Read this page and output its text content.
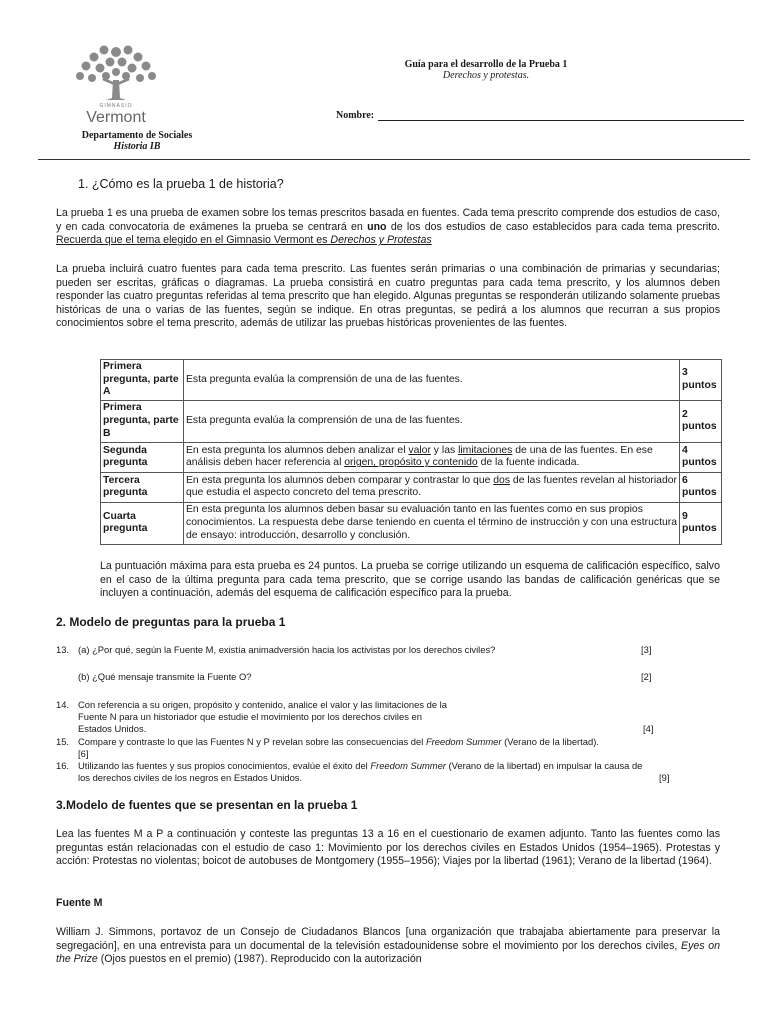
GIMNASIO
Vermont
Departamento de Sociales
Historia IB
Guía para el desarrollo de la Prueba 1
Derechos y protestas.
Nombre:
1. ¿Cómo es la prueba 1 de historia?
La prueba 1 es una prueba de examen sobre los temas prescritos basada en fuentes. Cada tema prescrito comprende dos estudios de caso, y en cada convocatoria de exámenes la prueba se centrará en uno de los dos estudios de caso establecidos para cada tema prescrito. Recuerda que el tema elegido en el Gimnasio Vermont es Derechos y Protestas
La prueba incluirá cuatro fuentes para cada tema prescrito. Las fuentes serán primarias o una combinación de primarias y secundarias; pueden ser escritas, gráficas o diagramas. La prueba consistirá en cuatro preguntas para cada tema prescrito, y los alumnos deben responder las cuatro preguntas referidas al tema prescrito que han elegido. Algunas preguntas se responderán utilizando solamente pruebas históricas de una o varias de las fuentes, según se indique. En otras preguntas, se pedirá a los alumnos que recurran a sus propios conocimientos sobre el tema prescrito, además de utilizar las pruebas históricas provenientes de las fuentes.
Primera pregunta, parte A	Esta pregunta evalúa la comprensión de una de las fuentes.	3 puntos
Primera pregunta, parte B	Esta pregunta evalúa la comprensión de una de las fuentes.	2 puntos
Segunda pregunta	En esta pregunta los alumnos deben analizar el valor y las limitaciones de una de las fuentes. En ese análisis deben hacer referencia al origen, propósito y contenido de la fuente indicada.	4 puntos
Tercera pregunta	En esta pregunta los alumnos deben comparar y contrastar lo que dos de las fuentes revelan al historiador que estudia el aspecto concreto del tema prescrito.	6 puntos
Cuarta pregunta	En esta pregunta los alumnos deben basar su evaluación tanto en las fuentes como en sus propios conocimientos. La respuesta debe darse teniendo en cuenta el término de instrucción y con una estructura de ensayo: introducción, desarrollo y conclusión.	9 puntos
La puntuación máxima para esta prueba es 24 puntos. La prueba se corrige utilizando un esquema de calificación específico, salvo en el caso de la última pregunta para cada tema prescrito, que se corrige usando las bandas de calificación genéricas que se incluyen a continuación, además del esquema de calificación específico para la prueba.
2. Modelo de preguntas para la prueba 1
13. (a) ¿Por qué, según la Fuente M, existía animadversión hacia los activistas por los derechos civiles?	[3]
(b) ¿Qué mensaje transmite la Fuente O?	[2]
14. Con referencia a su origen, propósito y contenido, analice el valor y las limitaciones de la
Fuente N para un historiador que estudie el movimiento por los derechos civiles en
Estados Unidos.	[4]
15. Compare y contraste lo que las Fuentes N y P revelan sobre las consecuencias del Freedom Summer (Verano de la libertad).
[6]
16. Utilizando las fuentes y sus propios conocimientos, evalúe el éxito del Freedom Summer (Verano de la libertad) en impulsar la causa de
los derechos civiles de los negros en Estados Unidos.	[9]
3.Modelo de fuentes que se presentan en la prueba 1
Lea las fuentes M a P a continuación y conteste las preguntas 13 a 16 en el cuestionario de examen adjunto. Tanto las fuentes como las preguntas están relacionadas con el estudio de caso 1: Movimiento por los derechos civiles en Estados Unidos (1954–1965). Protestas y acción: Protestas no violentas; boicot de autobuses de Montgomery (1955–1956); Viajes por la libertad (1961); Verano de la libertad (1964).
Fuente M
William J. Simmons, portavoz de un Consejo de Ciudadanos Blancos [una organización que trabajaba abiertamente para preservar la segregación], en una entrevista para un documental de la televisión estadounidense sobre el movimiento por los derechos civiles, Eyes on the Prize (Ojos puestos en el premio) (1987). Reproducido con la autorización
